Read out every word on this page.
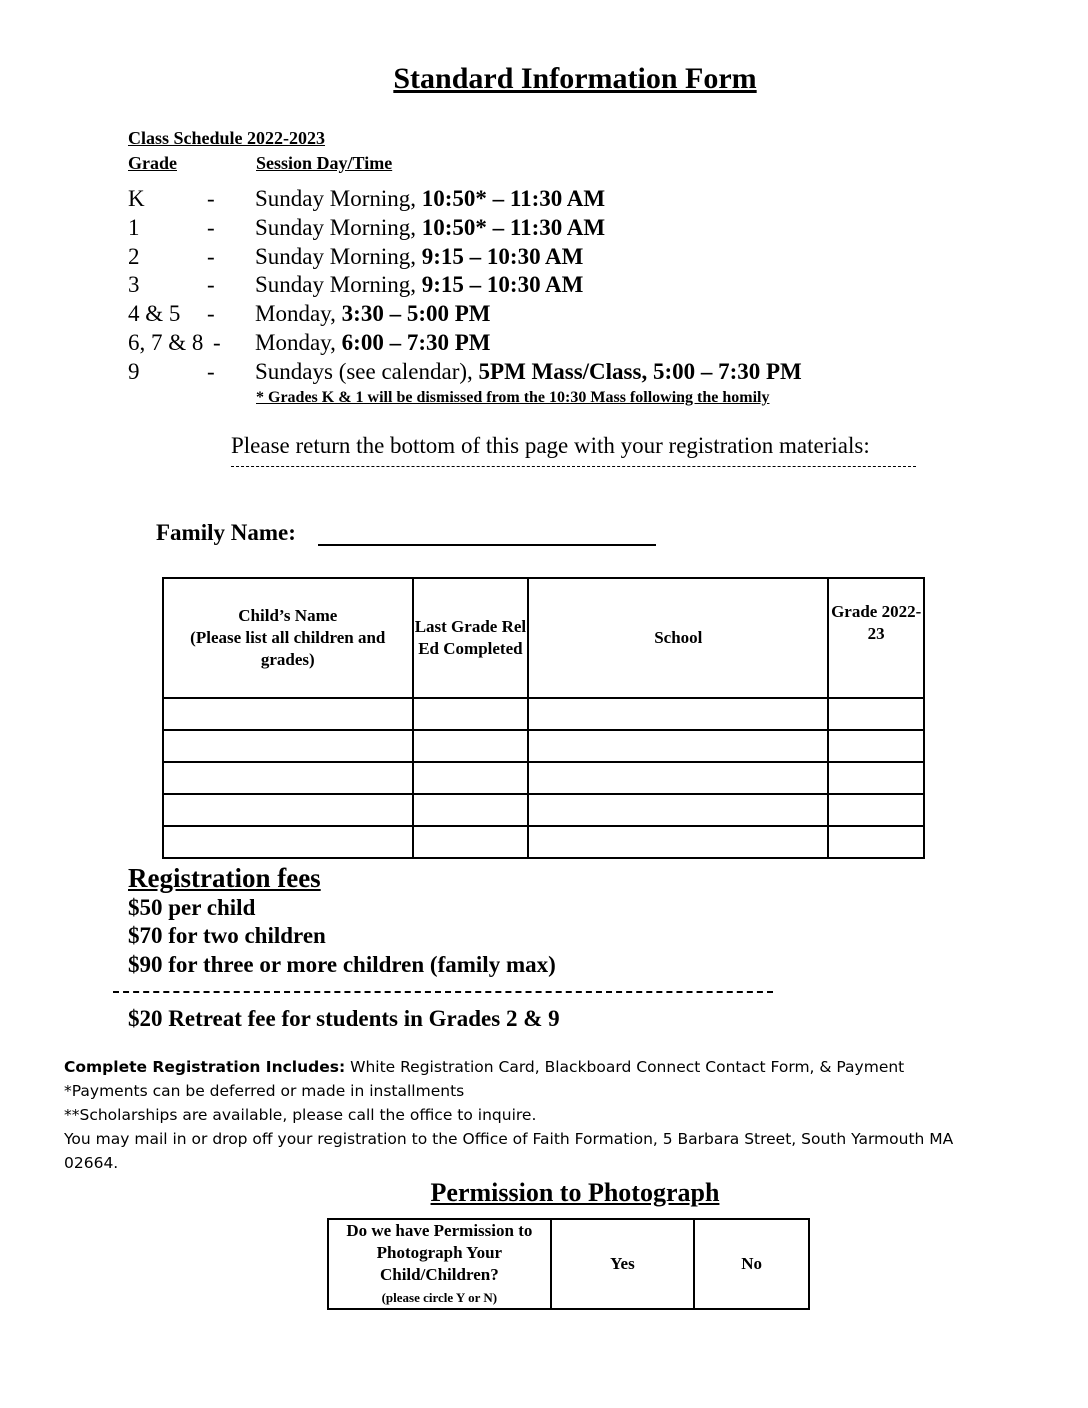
Standard Information Form
Class Schedule 2022-2023
Grade	Session Day/Time
K	- Sunday Morning, 10:50* – 11:30 AM
1	- Sunday Morning, 10:50* – 11:30 AM
2	- Sunday Morning, 9:15 – 10:30 AM
3	- Sunday Morning, 9:15 – 10:30 AM
4 & 5 - Monday, 3:30 – 5:00 PM
6, 7 & 8 - Monday, 6:00 – 7:30 PM
9	- Sundays (see calendar), 5PM Mass/Class, 5:00 – 7:30 PM
* Grades K & 1 will be dismissed from the 10:30 Mass following the homily
Please return the bottom of this page with your registration materials:
Family Name:
Child’s Name
(Please list all children and grades)	Last Grade Rel Ed Completed	School	Grade 2022-23

Registration fees
$50 per child
$70 for two children
$90 for three or more children (family max)
$20 Retreat fee for students in Grades 2 & 9
Complete Registration Includes: White Registration Card, Blackboard Connect Contact Form, & Payment
*Payments can be deferred or made in installments
**Scholarships are available, please call the office to inquire.
You may mail in or drop off your registration to the Office of Faith Formation, 5 Barbara Street, South Yarmouth MA
02664.
Permission to Photograph
Do we have Permission to Photograph Your Child/Children?
(please circle Y or N)	Yes	No
